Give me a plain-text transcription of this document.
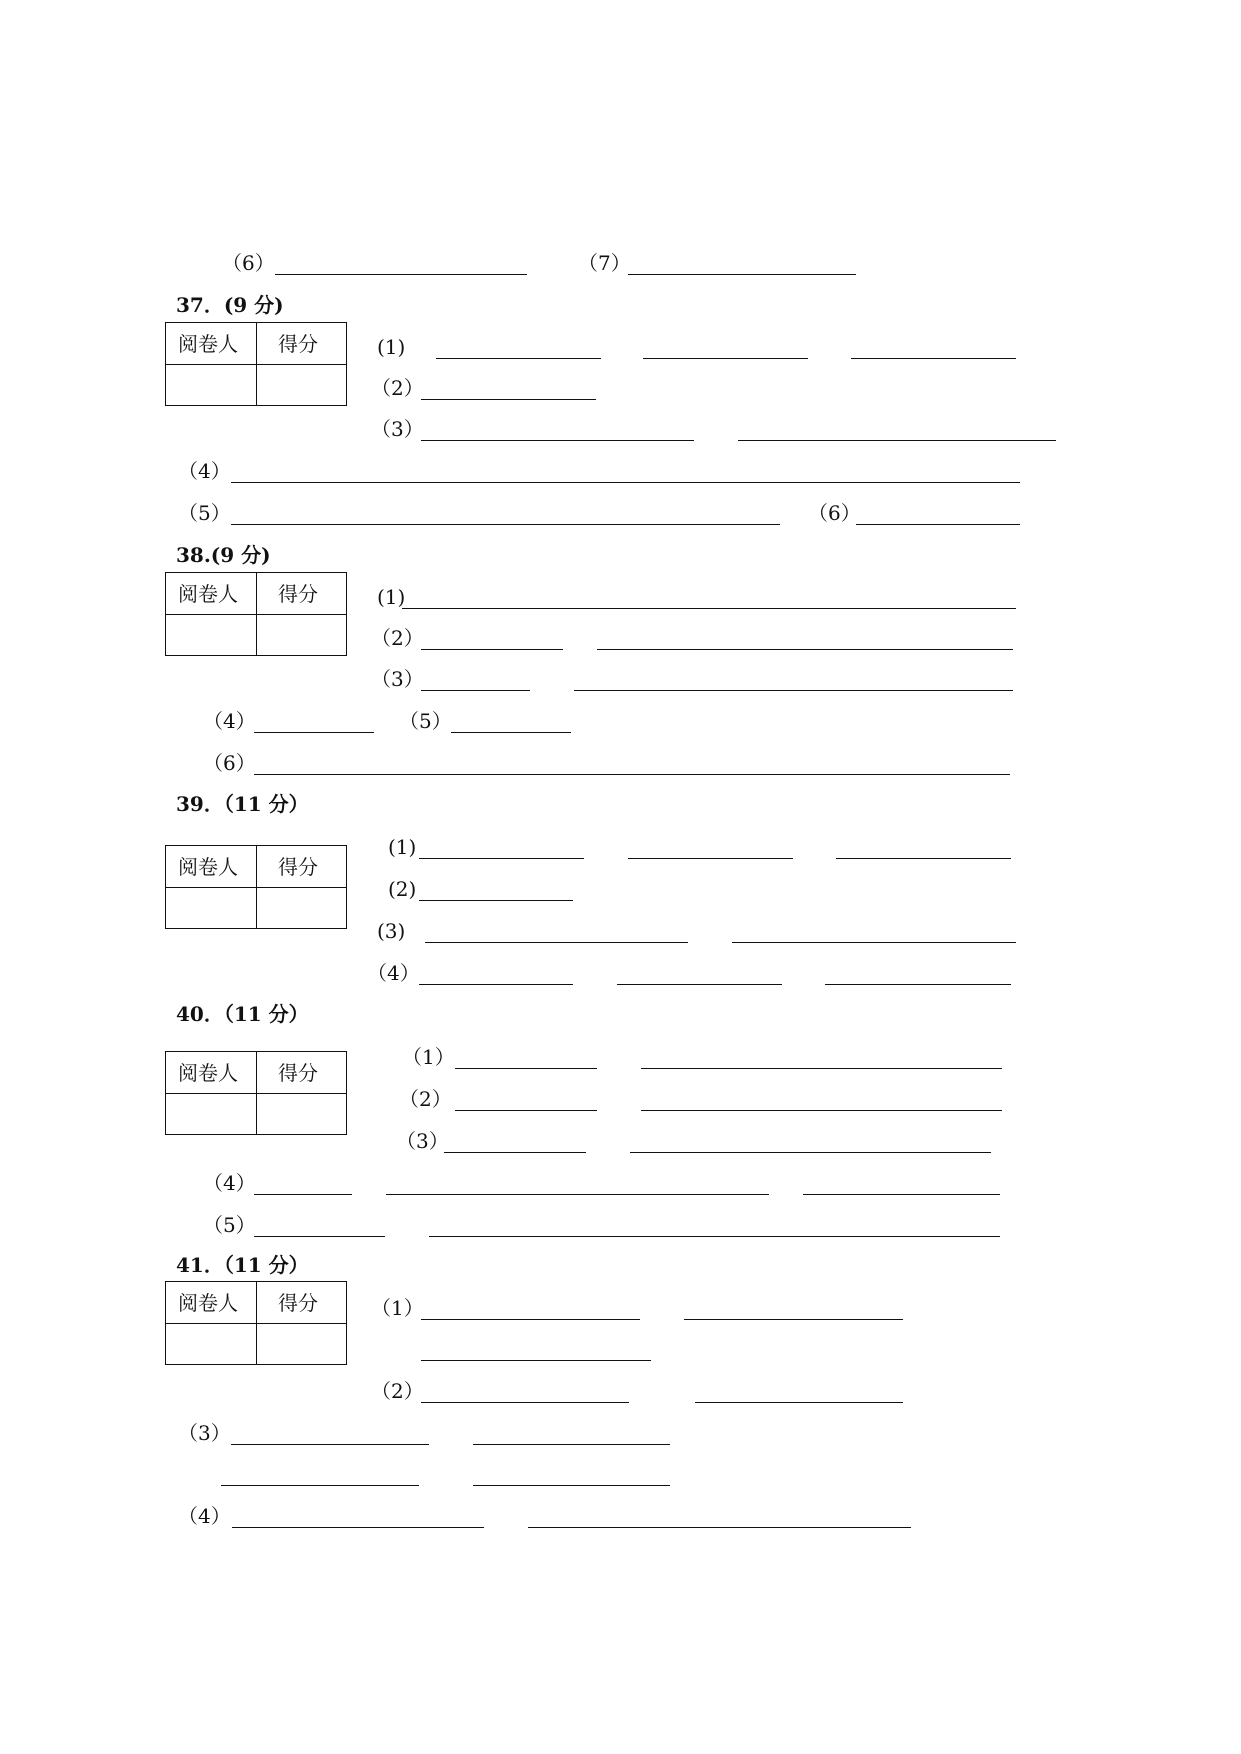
（6）	（7）
37．(9 分)
阅卷人 得分	(1)
（2）
（3）
（4）
（5）	（6）
38.(9 分)
阅卷人 得分	(1)
（2）
（3）
（4）	（5）
（6）
39．（11 分）
阅卷人 得分
(1)
(2)
(3)
（4）
40．（11 分）
阅卷人 得分
（1）
（2）
（3）
（4）
（5）
41．（11 分）
阅卷人 得分	（1）
（2）
（3）
（4）
